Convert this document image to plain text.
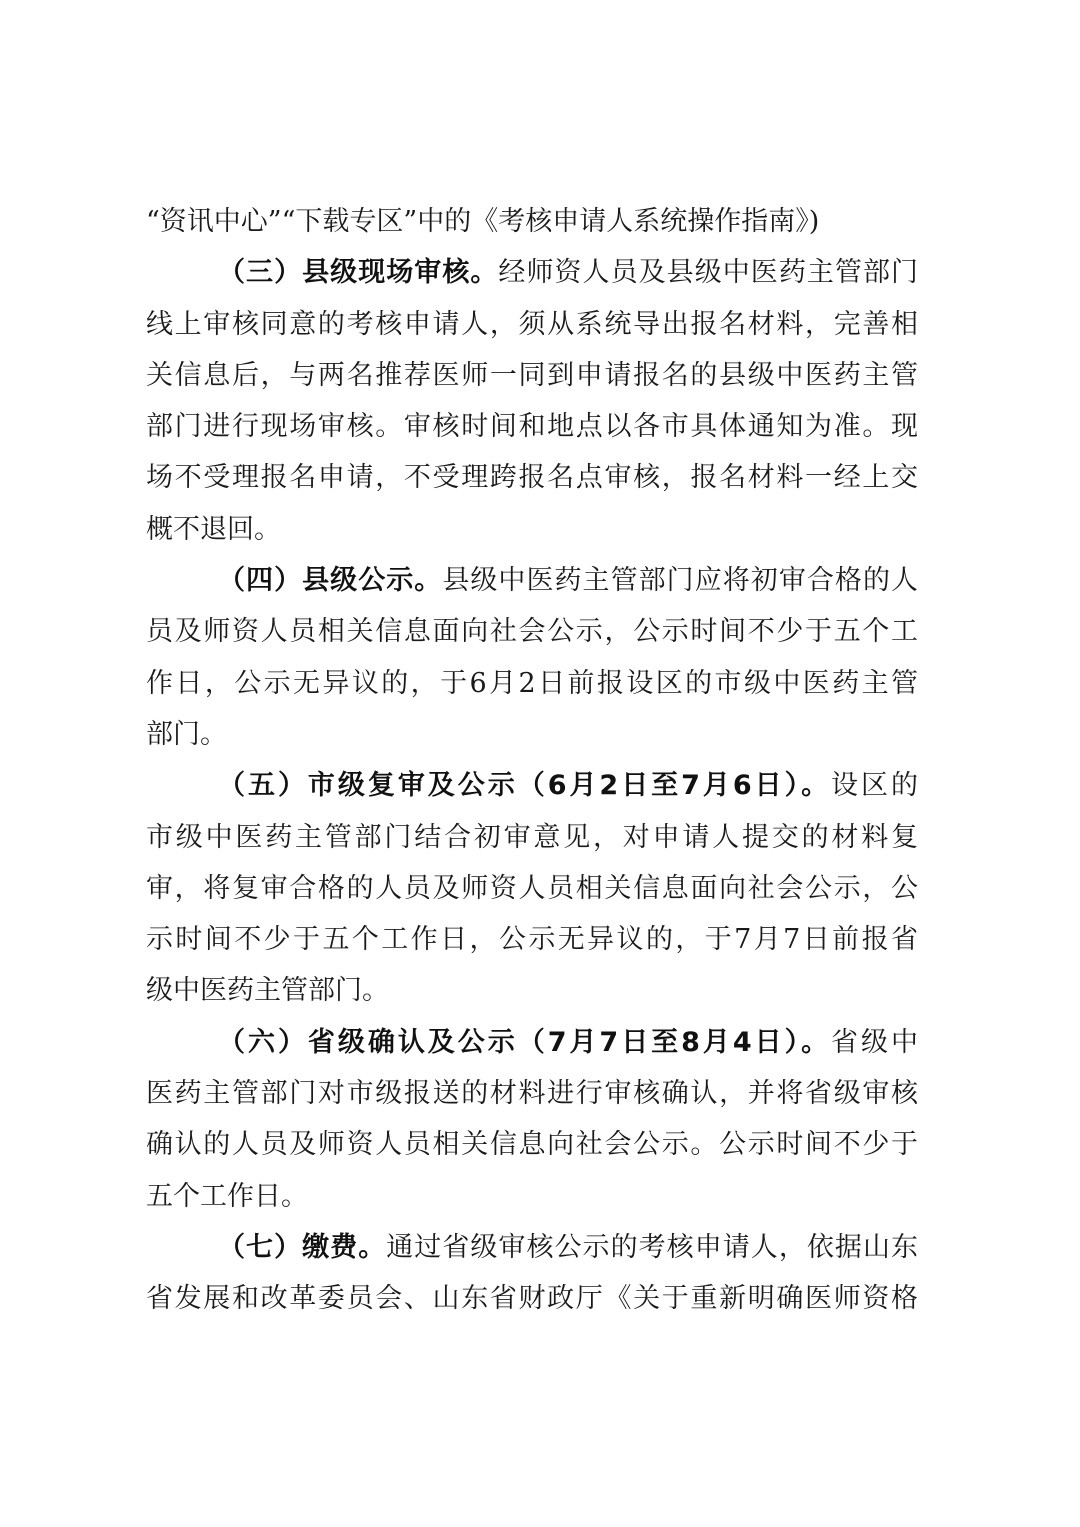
“资讯中心”“下载专区”中的《考核申请人系统操作指南》)
（三）县级现场审核。经师资人员及县级中医药主管部门
线上审核同意的考核申请人，须从系统导出报名材料，完善相
关信息后，与两名推荐医师一同到申请报名的县级中医药主管
部门进行现场审核。审核时间和地点以各市具体通知为准。现
场不受理报名申请，不受理跨报名点审核，报名材料一经上交
概不退回。
（四）县级公示。县级中医药主管部门应将初审合格的人
员及师资人员相关信息面向社会公示，公示时间不少于五个工
作日，公示无异议的，于6月2日前报设区的市级中医药主管
部门。
（五）市级复审及公示（6月2日至7月6日）。设区的
市级中医药主管部门结合初审意见，对申请人提交的材料复
审，将复审合格的人员及师资人员相关信息面向社会公示，公
示时间不少于五个工作日，公示无异议的，于7月7日前报省
级中医药主管部门。
（六）省级确认及公示（7月7日至8月4日）。省级中
医药主管部门对市级报送的材料进行审核确认，并将省级审核
确认的人员及师资人员相关信息向社会公示。公示时间不少于
五个工作日。
（七）缴费。通过省级审核公示的考核申请人，依据山东
省发展和改革委员会、山东省财政厅《关于重新明确医师资格
